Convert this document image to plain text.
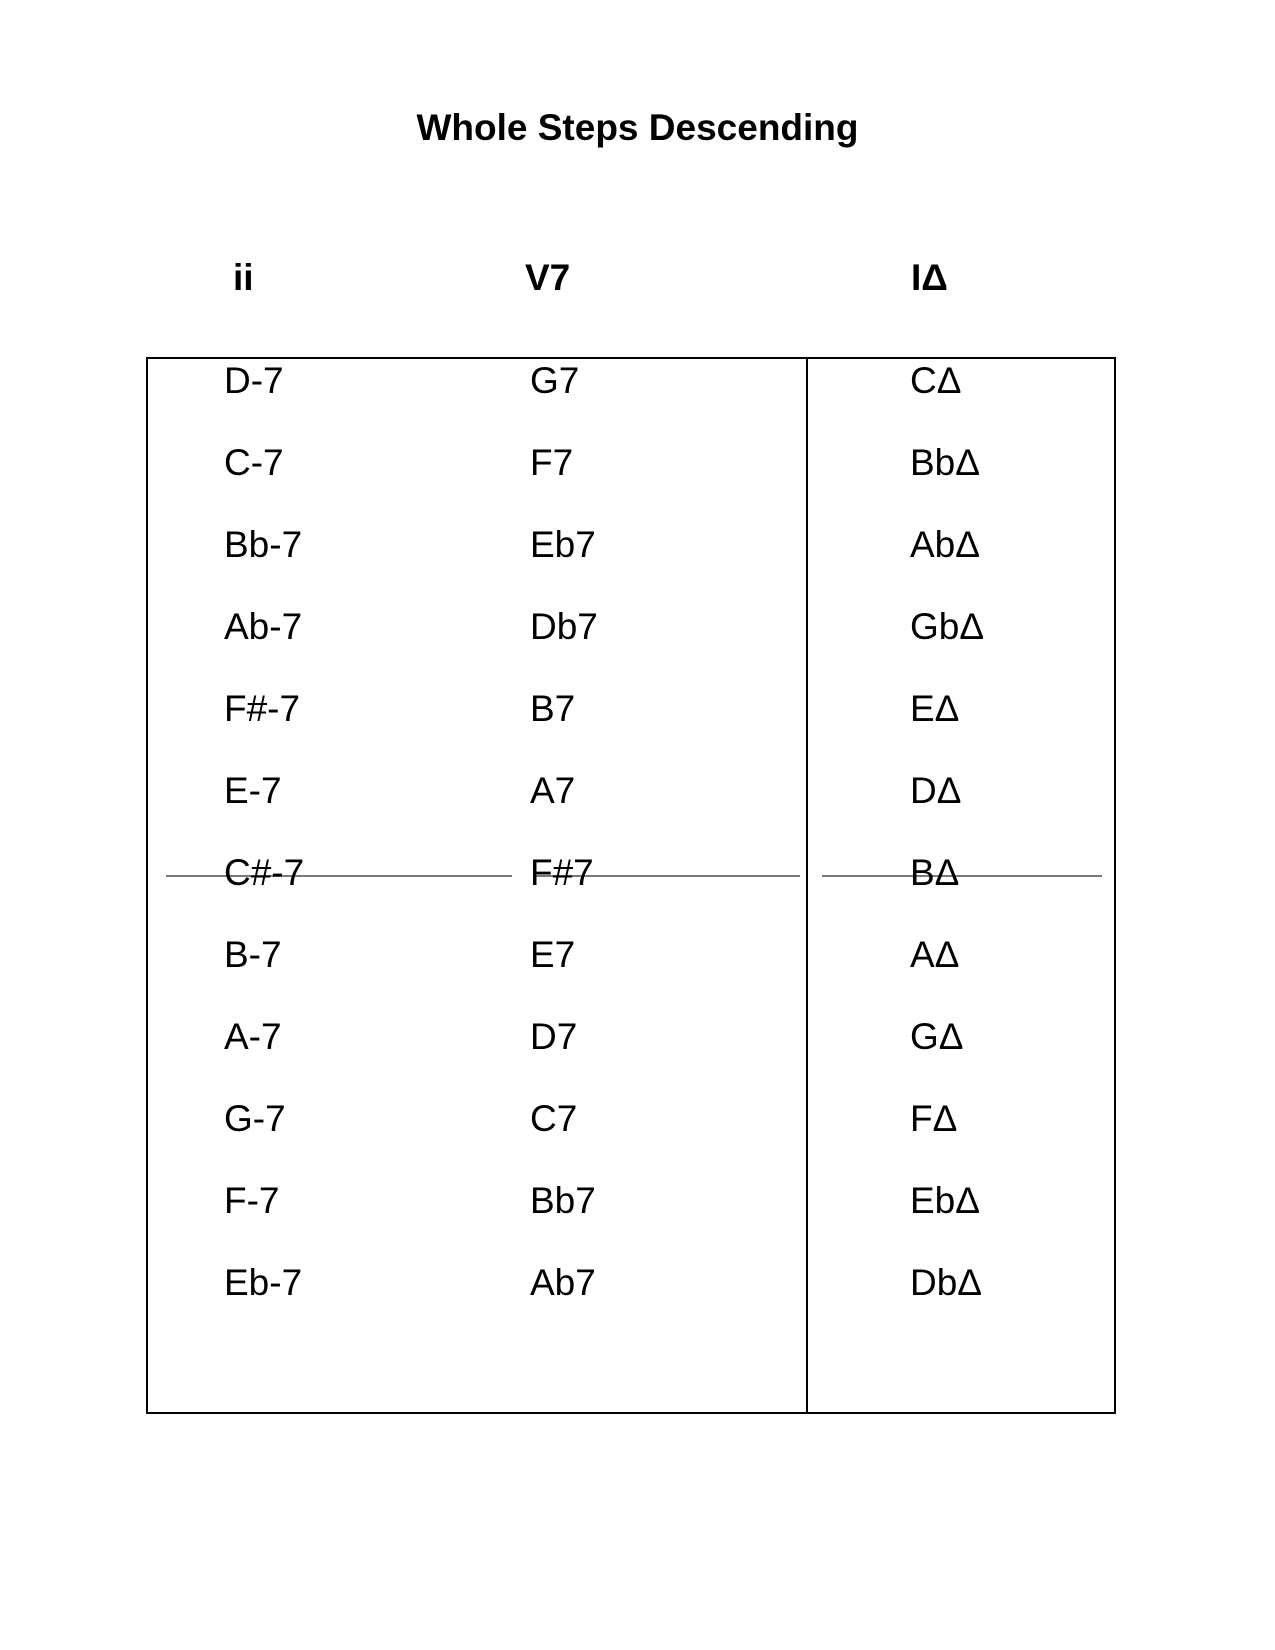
Whole Steps Descending
ii	V7	IΔ
D-7	G7	CΔ
C-7	F7	BbΔ
Bb-7	Eb7	AbΔ
Ab-7	Db7	GbΔ
F#-7	B7	EΔ
E-7	A7	DΔ
C#-7	F#7	BΔ
B-7	E7	AΔ
A-7	D7	GΔ
G-7	C7	FΔ
F-7	Bb7	EbΔ
Eb-7	Ab7	DbΔ
